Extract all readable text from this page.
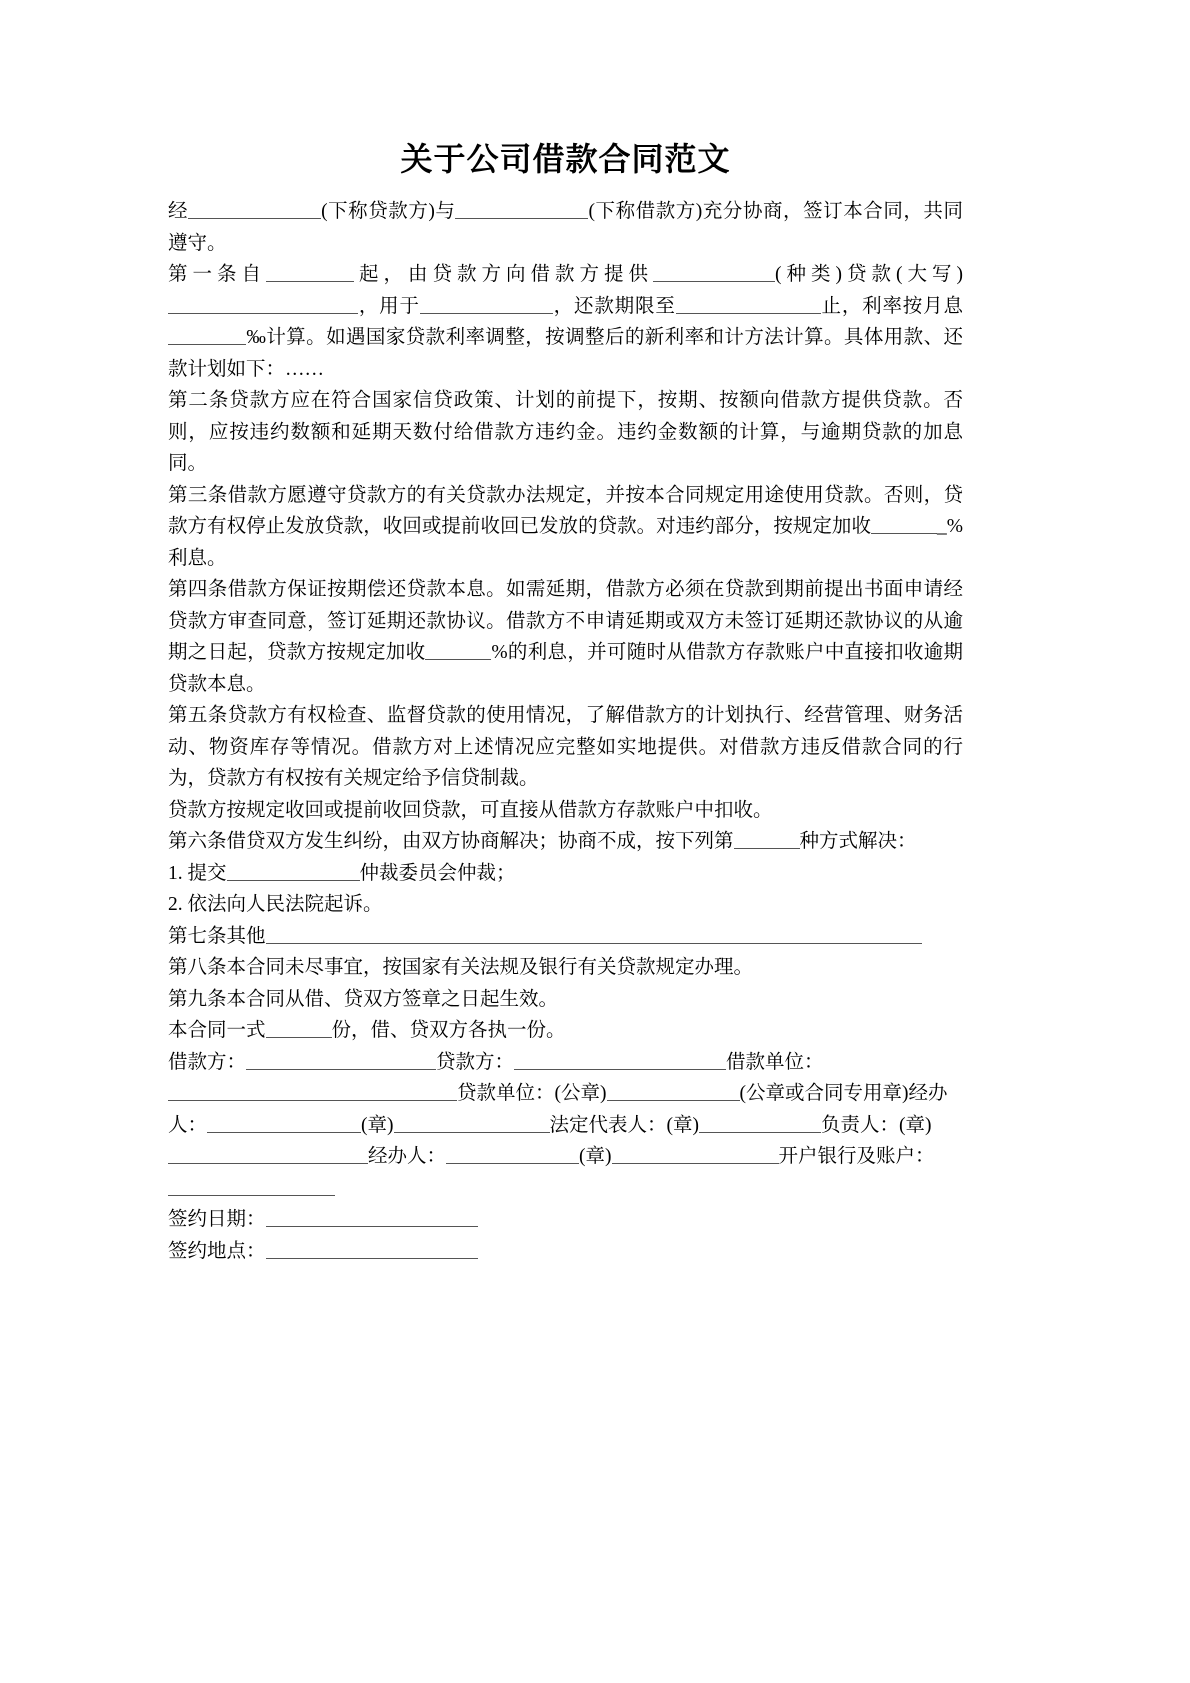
关于公司借款合同范文

经	(下称贷款方)与	(下称借款方)充分协商，签订本合同，共同遵守。

第一条自	起，由贷款方向借款方提供	(种类)贷款(大写)，用于	，还款期限至	止，利率按月息‰计算。如遇国家贷款利率调整，按调整后的新利率和计方法计算。具体用款、还款计划如下：……

第二条贷款方应在符合国家信贷政策、计划的前提下，按期、按额向借款方提供贷款。否则，应按违约数额和延期天数付给借款方违约金。违约金数额的计算，与逾期贷款的加息同。

第三条借款方愿遵守贷款方的有关贷款办法规定，并按本合同规定用途使用贷款。否则，贷款方有权停止发放贷款，收回或提前收回已发放的贷款。对违约部分，按规定加收	_%利息。

第四条借款方保证按期偿还贷款本息。如需延期，借款方必须在贷款到期前提出书面申请经贷款方审查同意，签订延期还款协议。借款方不申请延期或双方未签订延期还款协议的从逾期之日起，贷款方按规定加收	%的利息，并可随时从借款方存款账户中直接扣收逾期贷款本息。

第五条贷款方有权检查、监督贷款的使用情况，了解借款方的计划执行、经营管理、财务活动、物资库存等情况。借款方对上述情况应完整如实地提供。对借款方违反借款合同的行为，贷款方有权按有关规定给予信贷制裁。

贷款方按规定收回或提前收回贷款，可直接从借款方存款账户中扣收。

第六条借贷双方发生纠纷，由双方协商解决；协商不成，按下列第	种方式解决：

1. 提交	仲裁委员会仲裁；

2. 依法向人民法院起诉。

第七条其他

第八条本合同未尽事宜，按国家有关法规及银行有关贷款规定办理。

第九条本合同从借、贷双方签章之日起生效。

本合同一式	份，借、贷双方各执一份。

借款方：	贷款方：	借款单位：贷款单位：(公章)	(公章或合同专用章)经办人：	(章)	法定代表人：(章)	负责人：(章)经办人：	(章)	开户银行及账户：

签约日期：

签约地点：
